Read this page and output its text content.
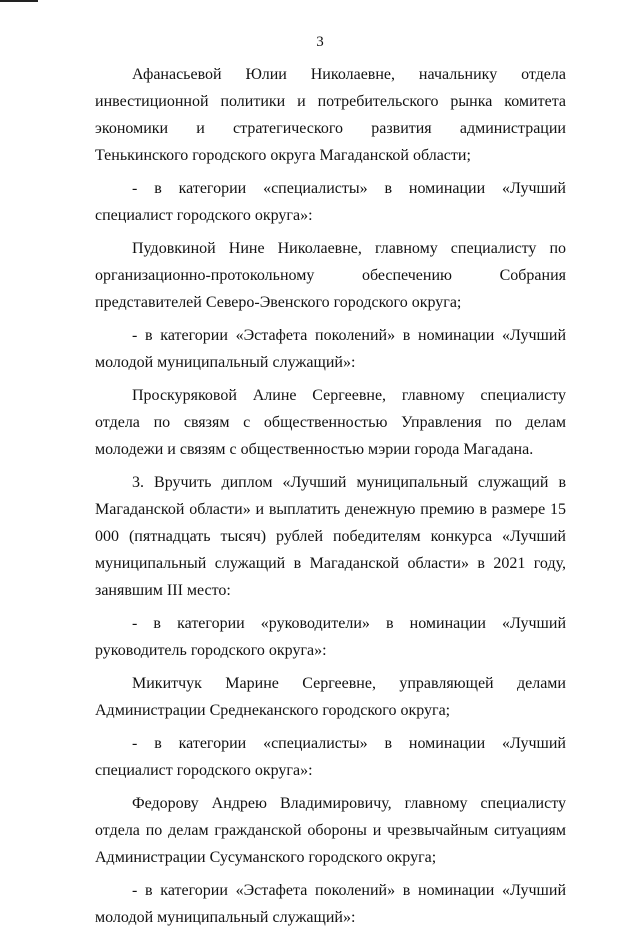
3

Афанасьевой Юлии Николаевне, начальнику отдела инвестиционной политики и потребительского рынка комитета экономики и стратегического развития администрации Тенькинского городского округа Магаданской области;

- в категории «специалисты» в номинации «Лучший специалист городского округа»:

Пудовкиной Нине Николаевне, главному специалисту по организационно-протокольному обеспечению Собрания представителей Северо-Эвенского городского округа;

- в категории «Эстафета поколений» в номинации «Лучший молодой муниципальный служащий»:

Проскуряковой Алине Сергеевне, главному специалисту отдела по связям с общественностью Управления по делам молодежи и связям с общественностью мэрии города Магадана.

3. Вручить диплом «Лучший муниципальный служащий в Магаданской области» и выплатить денежную премию в размере 15 000 (пятнадцать тысяч) рублей победителям конкурса «Лучший муниципальный служащий в Магаданской области» в 2021 году, занявшим III место:

- в категории «руководители» в номинации «Лучший руководитель городского округа»:

Микитчук Марине Сергеевне, управляющей делами Администрации Среднеканского городского округа;

- в категории «специалисты» в номинации «Лучший специалист городского округа»:

Федорову Андрею Владимировичу, главному специалисту отдела по делам гражданской обороны и чрезвычайным ситуациям Администрации Сусуманского городского округа;

- в категории «Эстафета поколений» в номинации «Лучший молодой муниципальный служащий»:
